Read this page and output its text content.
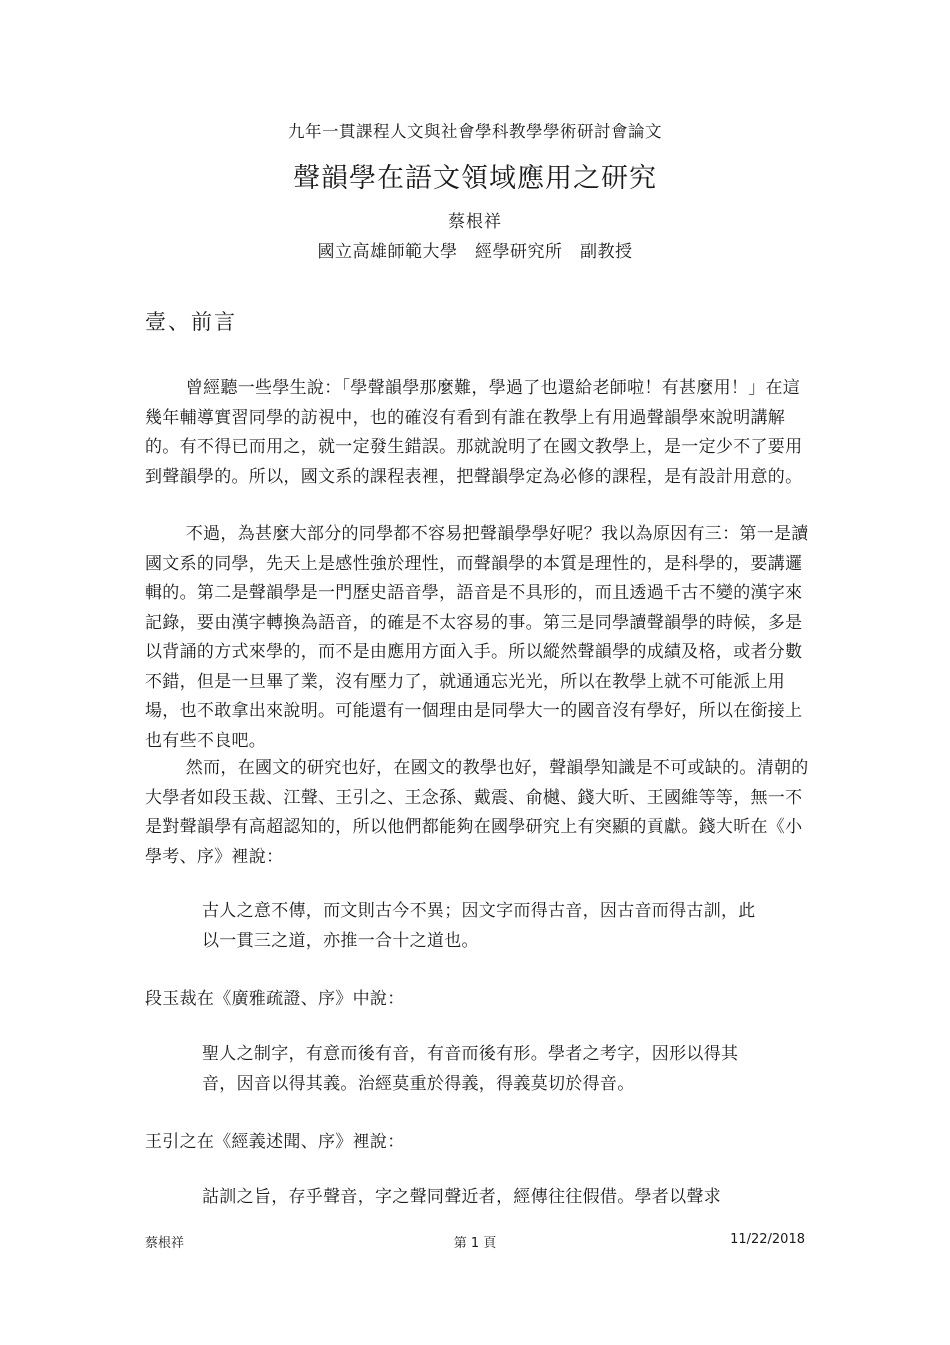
九年一貫課程人文與社會學科教學學術研討會論文
聲韻學在語文領域應用之研究
蔡根祥
國立高雄師範大學　經學研究所　副教授
壹、前言

曾經聽一些學生說：「學聲韻學那麼難，學過了也還給老師啦！有甚麼用！」在這幾年輔導實習同學的訪視中，也的確沒有看到有誰在教學上有用過聲韻學來說明講解的。有不得已而用之，就一定發生錯誤。那就說明了在國文教學上，是一定少不了要用到聲韻學的。所以，國文系的課程表裡，把聲韻學定為必修的課程，是有設計用意的。

不過，為甚麼大部分的同學都不容易把聲韻學學好呢？我以為原因有三：第一是讀國文系的同學，先天上是感性強於理性，而聲韻學的本質是理性的，是科學的，要講邏輯的。第二是聲韻學是一門歷史語音學，語音是不具形的，而且透過千古不變的漢字來記錄，要由漢字轉換為語音，的確是不太容易的事。第三是同學讀聲韻學的時候，多是以背誦的方式來學的，而不是由應用方面入手。所以縱然聲韻學的成績及格，或者分數不錯，但是一旦畢了業，沒有壓力了，就通通忘光光，所以在教學上就不可能派上用場，也不敢拿出來說明。可能還有一個理由是同學大一的國音沒有學好，所以在銜接上也有些不良吧。

然而，在國文的研究也好，在國文的教學也好，聲韻學知識是不可或缺的。清朝的大學者如段玉裁、江聲、王引之、王念孫、戴震、俞樾、錢大昕、王國維等等，無一不是對聲韻學有高超認知的，所以他們都能夠在國學研究上有突顯的貢獻。錢大昕在《小學考、序》裡說：

古人之意不傳，而文則古今不異；因文字而得古音，因古音而得古訓，此以一貫三之道，亦推一合十之道也。
段玉裁在《廣雅疏證、序》中說：
聖人之制字，有意而後有音，有音而後有形。學者之考字，因形以得其音，因音以得其義。治經莫重於得義，得義莫切於得音。
王引之在《經義述聞、序》裡說：
詁訓之旨，存乎聲音，字之聲同聲近者，經傳往往假借。學者以聲求
蔡根祥	第 1 頁	11/22/2018
